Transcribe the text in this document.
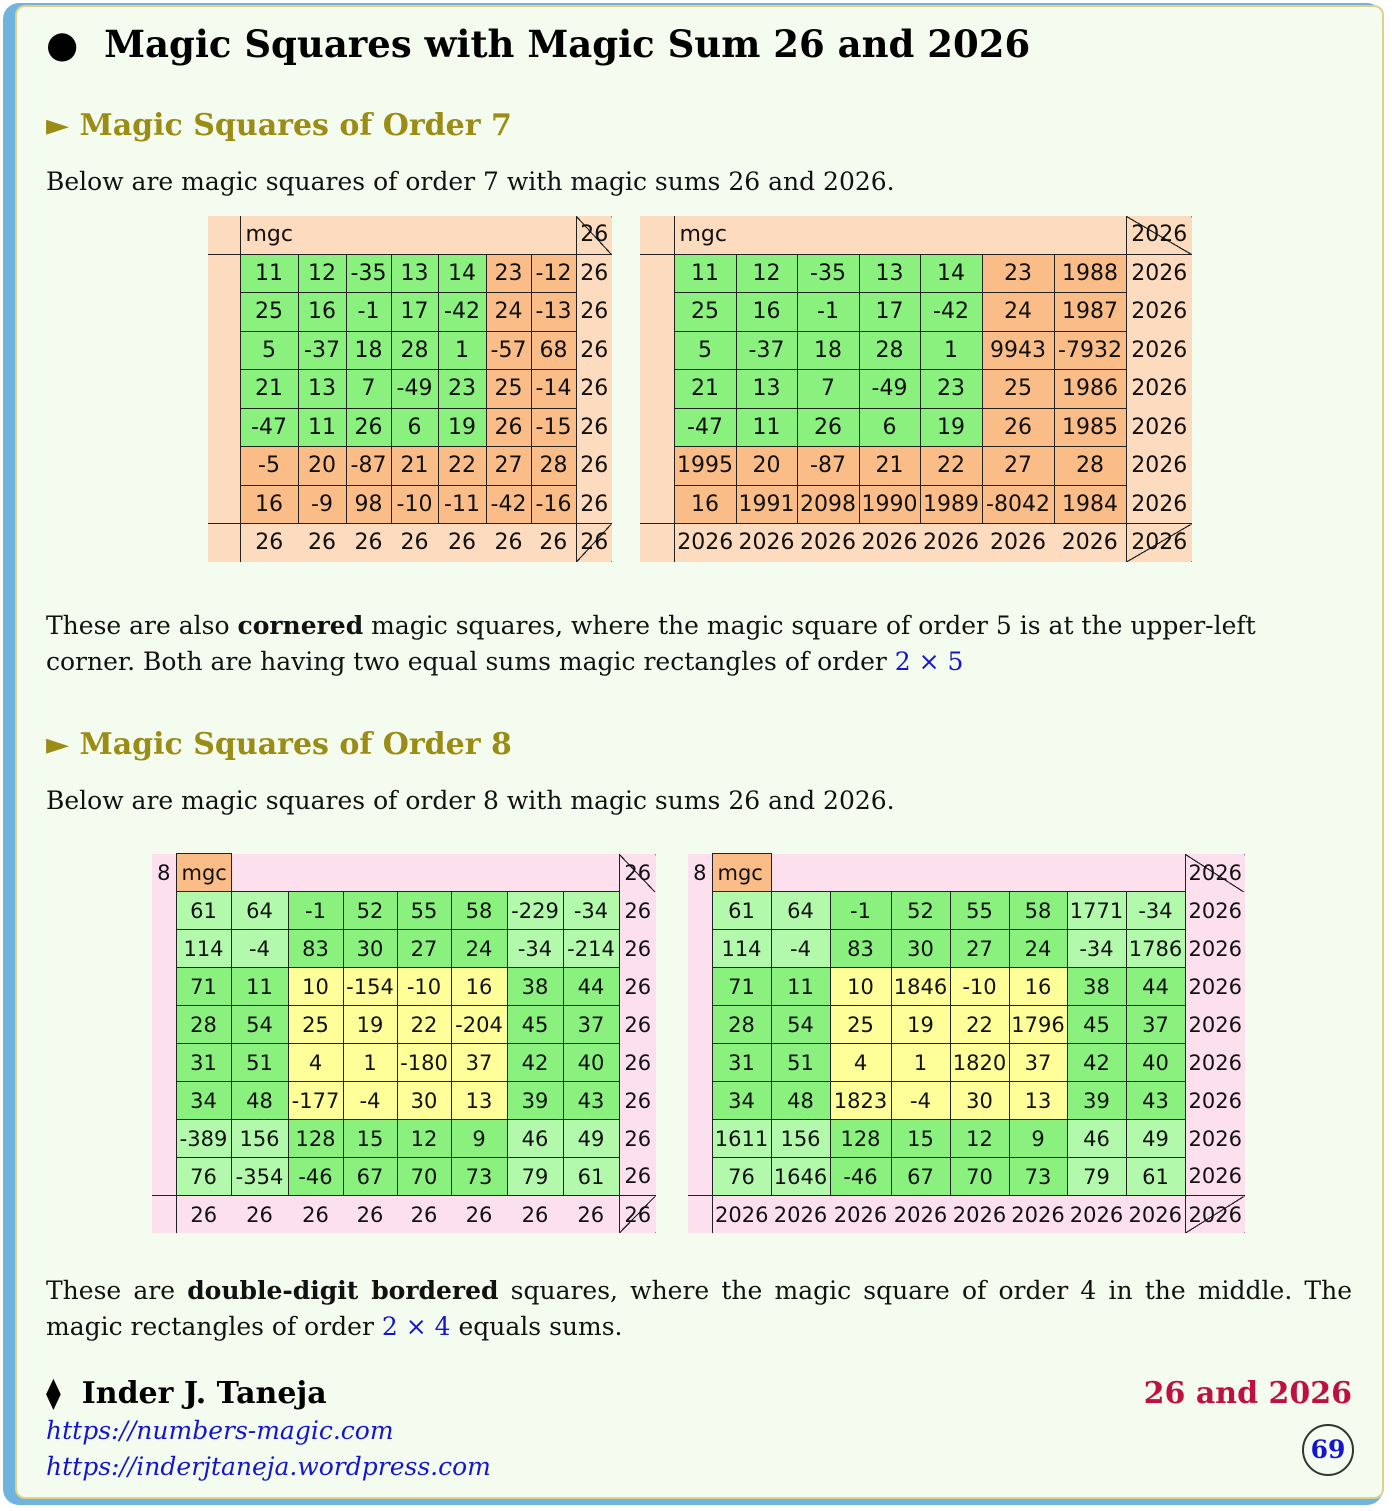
● Magic Squares with Magic Sum 26 and 2026
► Magic Squares of Order 7
Below are magic squares of order 7 with magic sums 26 and 2026.
	mgc							26
	11	12	-35	13	14	23	-12	26
	25	16	-1	17	-42	24	-13	26
	5	-37	18	28	1	-57	68	26
	21	13	7	-49	23	25	-14	26
	-47	11	26	6	19	26	-15	26
	-5	20	-87	21	22	27	28	26
	16	-9	98	-10	-11	-42	-16	26
	26	26	26	26	26	26	26	26
	mgc							2026
	11	12	-35	13	14	23	1988	2026
	25	16	-1	17	-42	24	1987	2026
	5	-37	18	28	1	9943	-7932	2026
	21	13	7	-49	23	25	1986	2026
	-47	11	26	6	19	26	1985	2026
	1995	20	-87	21	22	27	28	2026
	16	1991	2098	1990	1989	-8042	1984	2026
	2026	2026	2026	2026	2026	2026	2026	2026
These are also cornered magic squares, where the magic square of order 5 is at the upper-left corner. Both are having two equal sums magic rectangles of order 2 × 5
► Magic Squares of Order 8
Below are magic squares of order 8 with magic sums 26 and 2026.
8	mgc								26
	61	64	-1	52	55	58	-229	-34	26
	114	-4	83	30	27	24	-34	-214	26
	71	11	10	-154	-10	16	38	44	26
	28	54	25	19	22	-204	45	37	26
	31	51	4	1	-180	37	42	40	26
	34	48	-177	-4	30	13	39	43	26
	-389	156	128	15	12	9	46	49	26
	76	-354	-46	67	70	73	79	61	26
	26	26	26	26	26	26	26	26	26
8	mgc								2026
	61	64	-1	52	55	58	1771	-34	2026
	114	-4	83	30	27	24	-34	1786	2026
	71	11	10	1846	-10	16	38	44	2026
	28	54	25	19	22	1796	45	37	2026
	31	51	4	1	1820	37	42	40	2026
	34	48	1823	-4	30	13	39	43	2026
	1611	156	128	15	12	9	46	49	2026
	76	1646	-46	67	70	73	79	61	2026
	2026	2026	2026	2026	2026	2026	2026	2026	2026
These are double-digit bordered squares, where the magic square of order 4 in the middle. The magic rectangles of order 2 × 4 equals sums.
⧫ Inder J. Taneja
https://numbers-magic.com
https://inderjtaneja.wordpress.com
26 and 2026
69
